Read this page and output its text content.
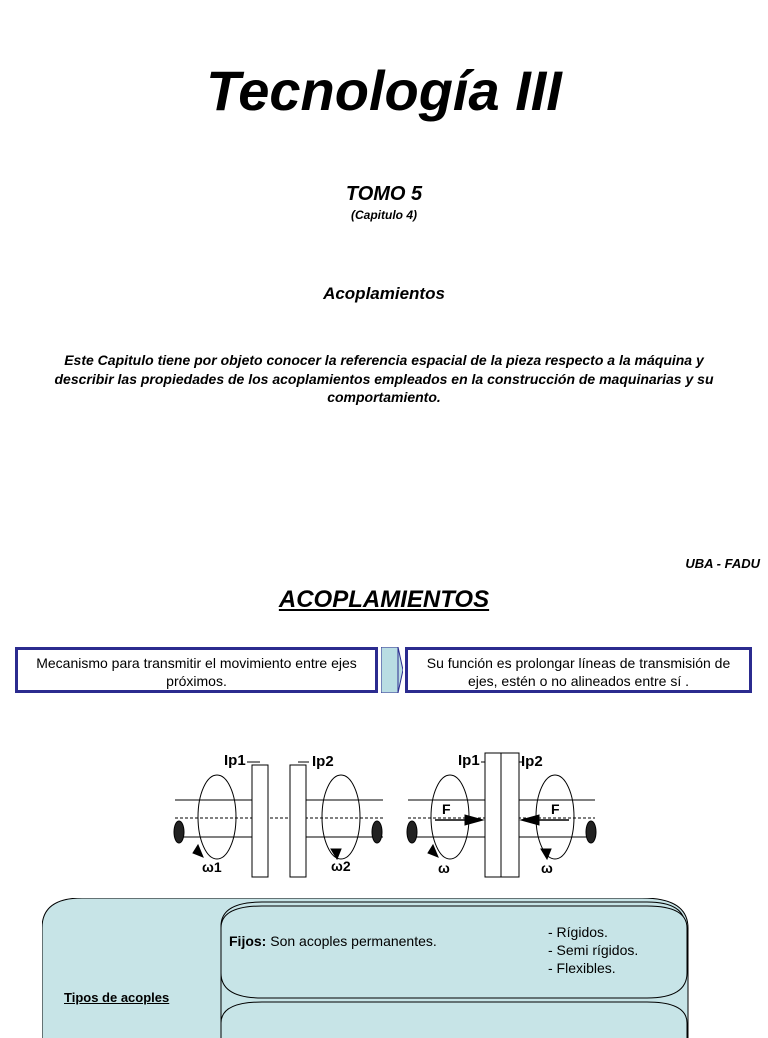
Tecnología III
TOMO 5
(Capitulo 4)
Acoplamientos
Este Capitulo tiene por objeto conocer la referencia espacial de la pieza respecto a la máquina y describir las propiedades de los acoplamientos empleados en la construcción de maquinarias y su comportamiento.
UBA - FADU
ACOPLAMIENTOS
Mecanismo para transmitir el movimiento entre ejes próximos.
Su función es prolongar líneas de transmisión de ejes, estén o no alineados entre sí .
Ip1	Ip2
ω1	ω2
Ip1	Ip2
F	F
ω	ω
Fijos: Son acoples permanentes.
- Rígidos.
- Semi rígidos.
- Flexibles.
Tipos de acoples
